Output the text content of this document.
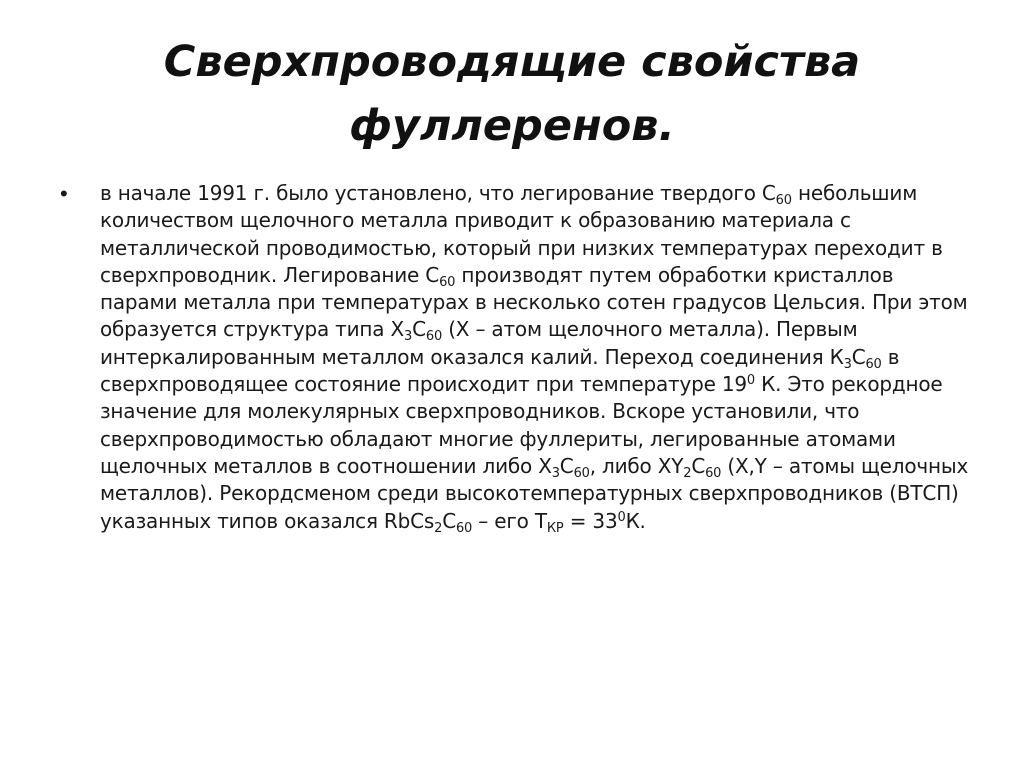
Сверхпроводящие свойства фуллеренов.
• в начале 1991 г. было установлено, что легирование твердого $С_{60}$ небольшим количеством щелочного металла приводит к образованию материала с металлической проводимостью, который при низких температурах переходит в сверхпроводник. Легирование $С_{60}$ производят путем обработки кристаллов парами металла при температурах в несколько сотен градусов Цельсия. При этом образуется структура типа $Х_3С_{60}$ (Х – атом щелочного металла). Первым интеркалированным металлом оказался калий. Переход соединения $К_3С_{60}$ в сверхпроводящее состояние происходит при температуре $19^0$ К. Это рекордное значение для молекулярных сверхпроводников. Вскоре установили, что сверхпроводимостью обладают многие фуллериты, легированные атомами щелочных металлов в соотношении либо $Х_3С_{60}$, либо $XY_2C_{60}$ (X,Y – атомы щелочных металлов). Рекордсменом среди высокотемпературных сверхпроводников (ВТСП) указанных типов оказался $RbCs_2C_{60}$ – его $Т_{КР} = 33^0К$.
